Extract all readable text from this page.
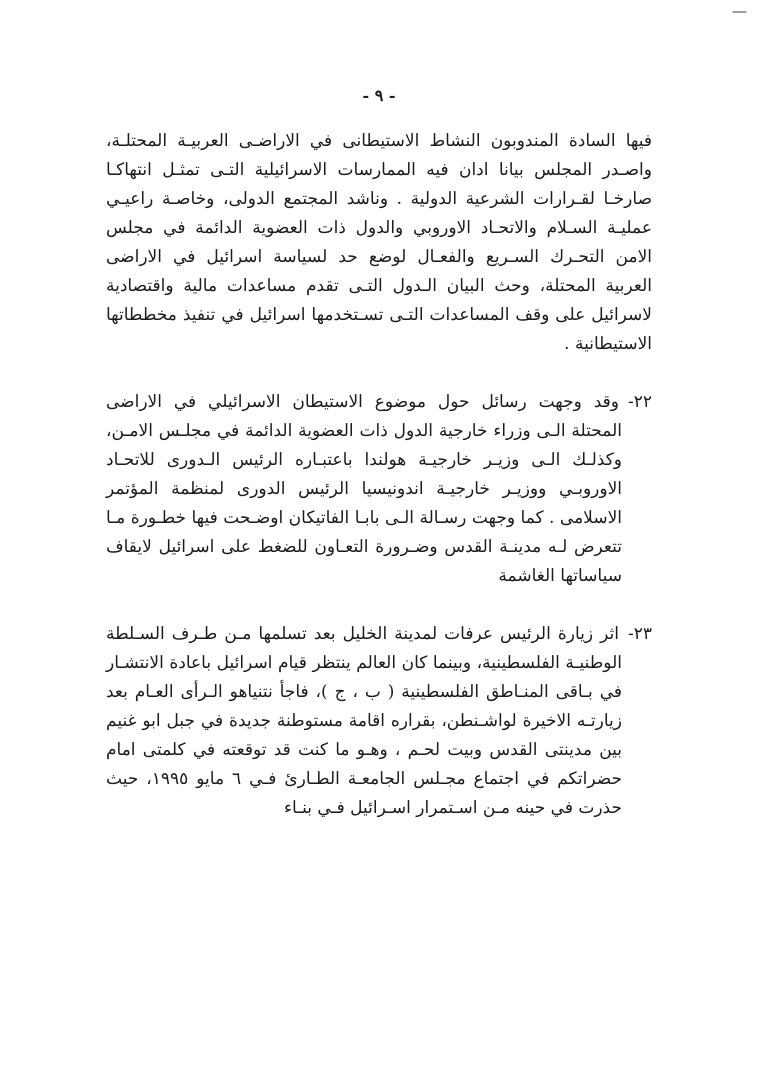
—
- ٩ -

فيها السادة المندوبون النشاط الاستيطانى في الاراضـى العربيـة المحتلـة، واصـدر المجلس بيانا ادان فيه الممارسات الاسرائيلية التـى تمثـل انتهاكـا صارخـا لقـرارات الشرعية الدولية . وناشد المجتمع الدولى، وخاصـة راعيـي عمليـة السـلام والاتحـاد الاوروبي والدول ذات العضوية الدائمة في مجلس الامن التحـرك السـريع والفعـال لوضع حد لسياسة اسرائيل في الاراضى العربية المحتلة، وحث البيان الـدول التـى تقدم مساعدات مالية واقتصادية لاسرائيل على وقف المساعدات التـى تسـتخدمها اسرائيل في تنفيذ مخططاتها الاستيطانية .

٢٢-وقد وجهت رسائل حول موضوع الاستيطان الاسرائيلي في الاراضى المحتلة الـى وزراء خارجية الدول ذات العضوية الدائمة في مجلـس الامـن، وكذلـك الـى وزيـر خارجيـة هولندا باعتبـاره الرئيس الـدورى للاتحـاد الاوروبـي ووزيـر خارجيـة اندونيسيا الرئيس الدورى لمنظمة المؤتمر الاسلامى . كما وجهت رسـالة الـى بابـا الفاتيكان اوضـحت فيها خطـورة مـا تتعرض لـه مدينـة القدس وضـرورة التعـاون للضغط على اسرائيل لايقاف سياساتها الغاشمة

٢٣-اثر زيارة الرئيس عرفات لمدينة الخليل بعد تسلمها مـن طـرف السـلطة الوطنيـة الفلسطينية، وبينما كان العالم ينتظر قيام اسرائيل باعادة الانتشـار في بـاقى المنـاطق الفلسطينية ( ب ، ج )، فاجأ نتنياهو الـرأى العـام بعد زيارتـه الاخيرة لواشـنطن، بقراره اقامة مستوطنة جديدة في جبل ابو غنيم بين مدينتى القدس وبيت لحـم ، وهـو ما كنت قد توقعته في كلمتى امام حضراتكم في اجتماع مجـلس الجامعـة الطـارئ فـي ٦ مايو ١٩٩٥، حيث حذرت في حينه مـن اسـتمرار اسـرائيل فـي بنـاء
